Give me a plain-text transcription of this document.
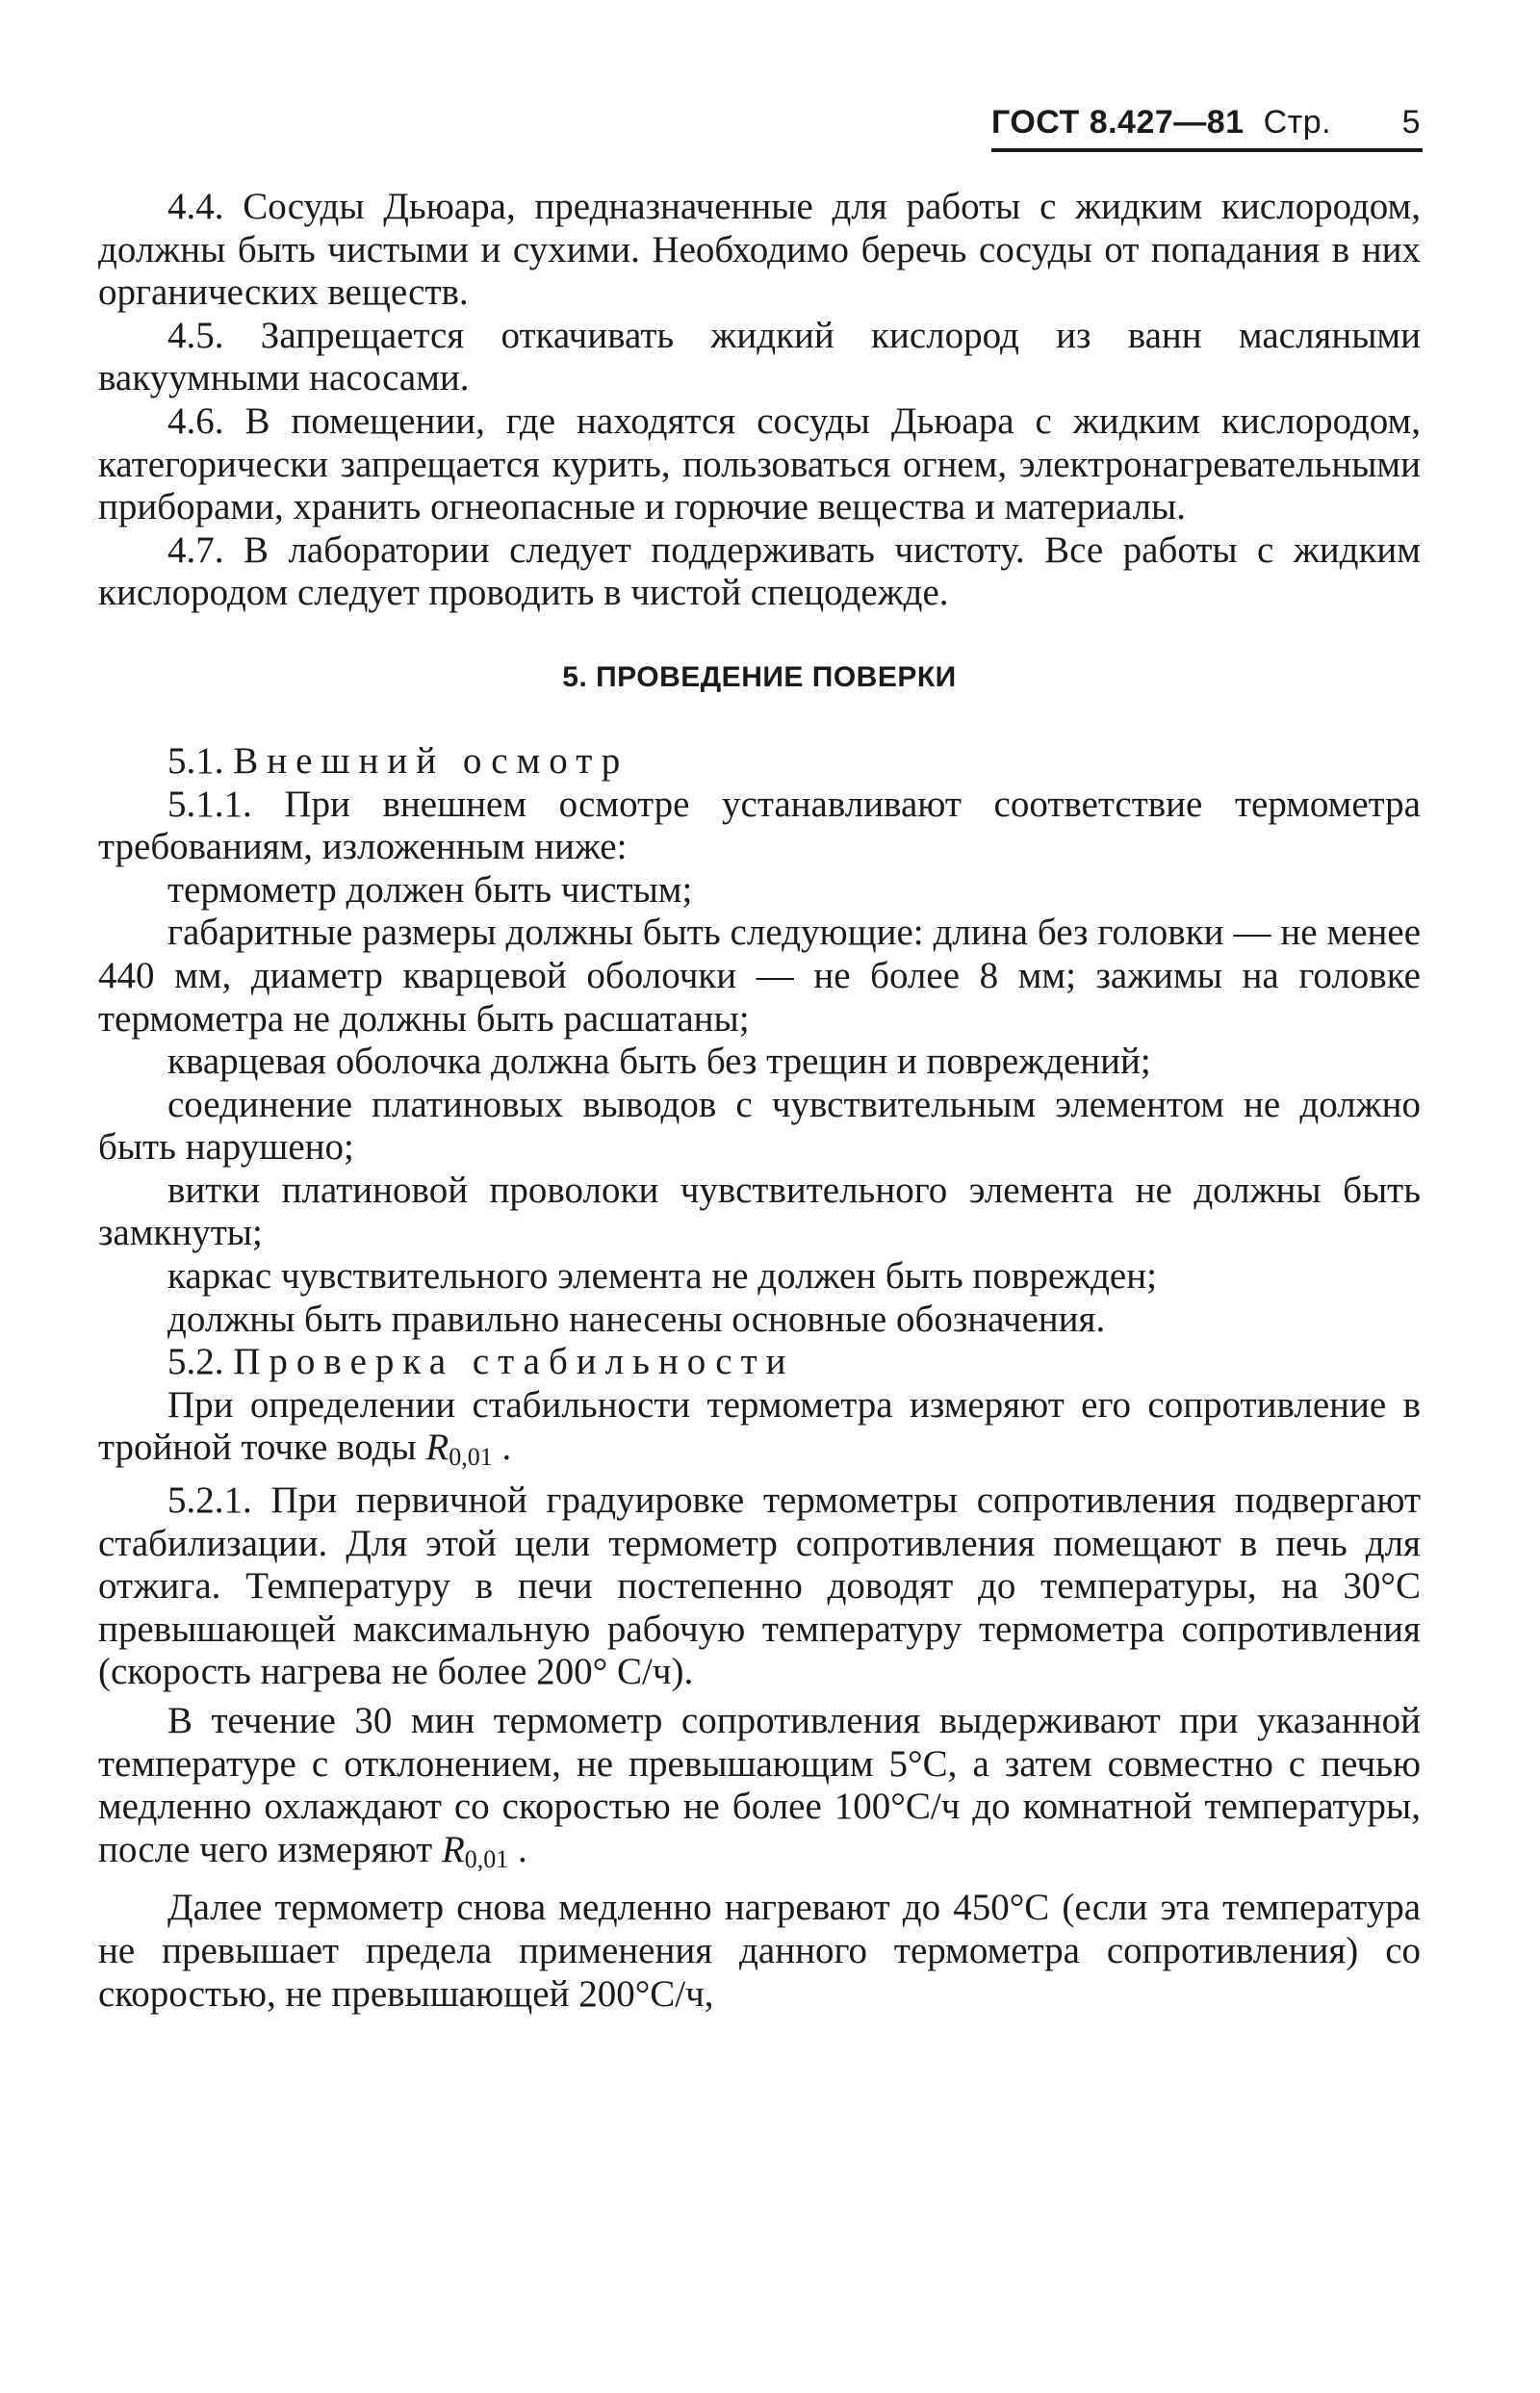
ГОСТ 8.427—81 Стр. 5

4.4. Сосуды Дьюара, предназначенные для работы с жидким кислородом, должны быть чистыми и сухими. Необходимо беречь сосуды от попадания в них органических веществ.

4.5. Запрещается откачивать жидкий кислород из ванн масляными вакуумными насосами.

4.6. В помещении, где находятся сосуды Дьюара с жидким кислородом, категорически запрещается курить, пользоваться огнем, электронагревательными приборами, хранить огнеопасные и горючие вещества и материалы.

4.7. В лаборатории следует поддерживать чистоту. Все работы с жидким кислородом следует проводить в чистой спецодежде.

5. ПРОВЕДЕНИЕ ПОВЕРКИ

5.1. Внешний осмотр

5.1.1. При внешнем осмотре устанавливают соответствие термометра требованиям, изложенным ниже:

термометр должен быть чистым;

габаритные размеры должны быть следующие: длина без головки — не менее 440 мм, диаметр кварцевой оболочки — не более 8 мм; зажимы на головке термометра не должны быть расшатаны;

кварцевая оболочка должна быть без трещин и повреждений;

соединение платиновых выводов с чувствительным элементом не должно быть нарушено;

витки платиновой проволоки чувствительного элемента не должны быть замкнуты;

каркас чувствительного элемента не должен быть поврежден;

должны быть правильно нанесены основные обозначения.

5.2. Проверка стабильности

При определении стабильности термометра измеряют его сопротивление в тройной точке воды $R_{0,01}$ .

5.2.1. При первичной градуировке термометры сопротивления подвергают стабилизации. Для этой цели термометр сопротивления помещают в печь для отжига. Температуру в печи постепенно доводят до температуры, на 30°C превышающей максимальную рабочую температуру термометра сопротивления (скорость нагрева не более 200° С/ч).

В течение 30 мин термометр сопротивления выдерживают при указанной температуре с отклонением, не превышающим 5°C, а затем совместно с печью медленно охлаждают со скоростью не более 100°С/ч до комнатной температуры, после чего измеряют $R_{0,01}$ .

Далее термометр снова медленно нагревают до 450°C (если эта температура не превышает предела применения данного термометра сопротивления) со скоростью, не превышающей 200°С/ч,
